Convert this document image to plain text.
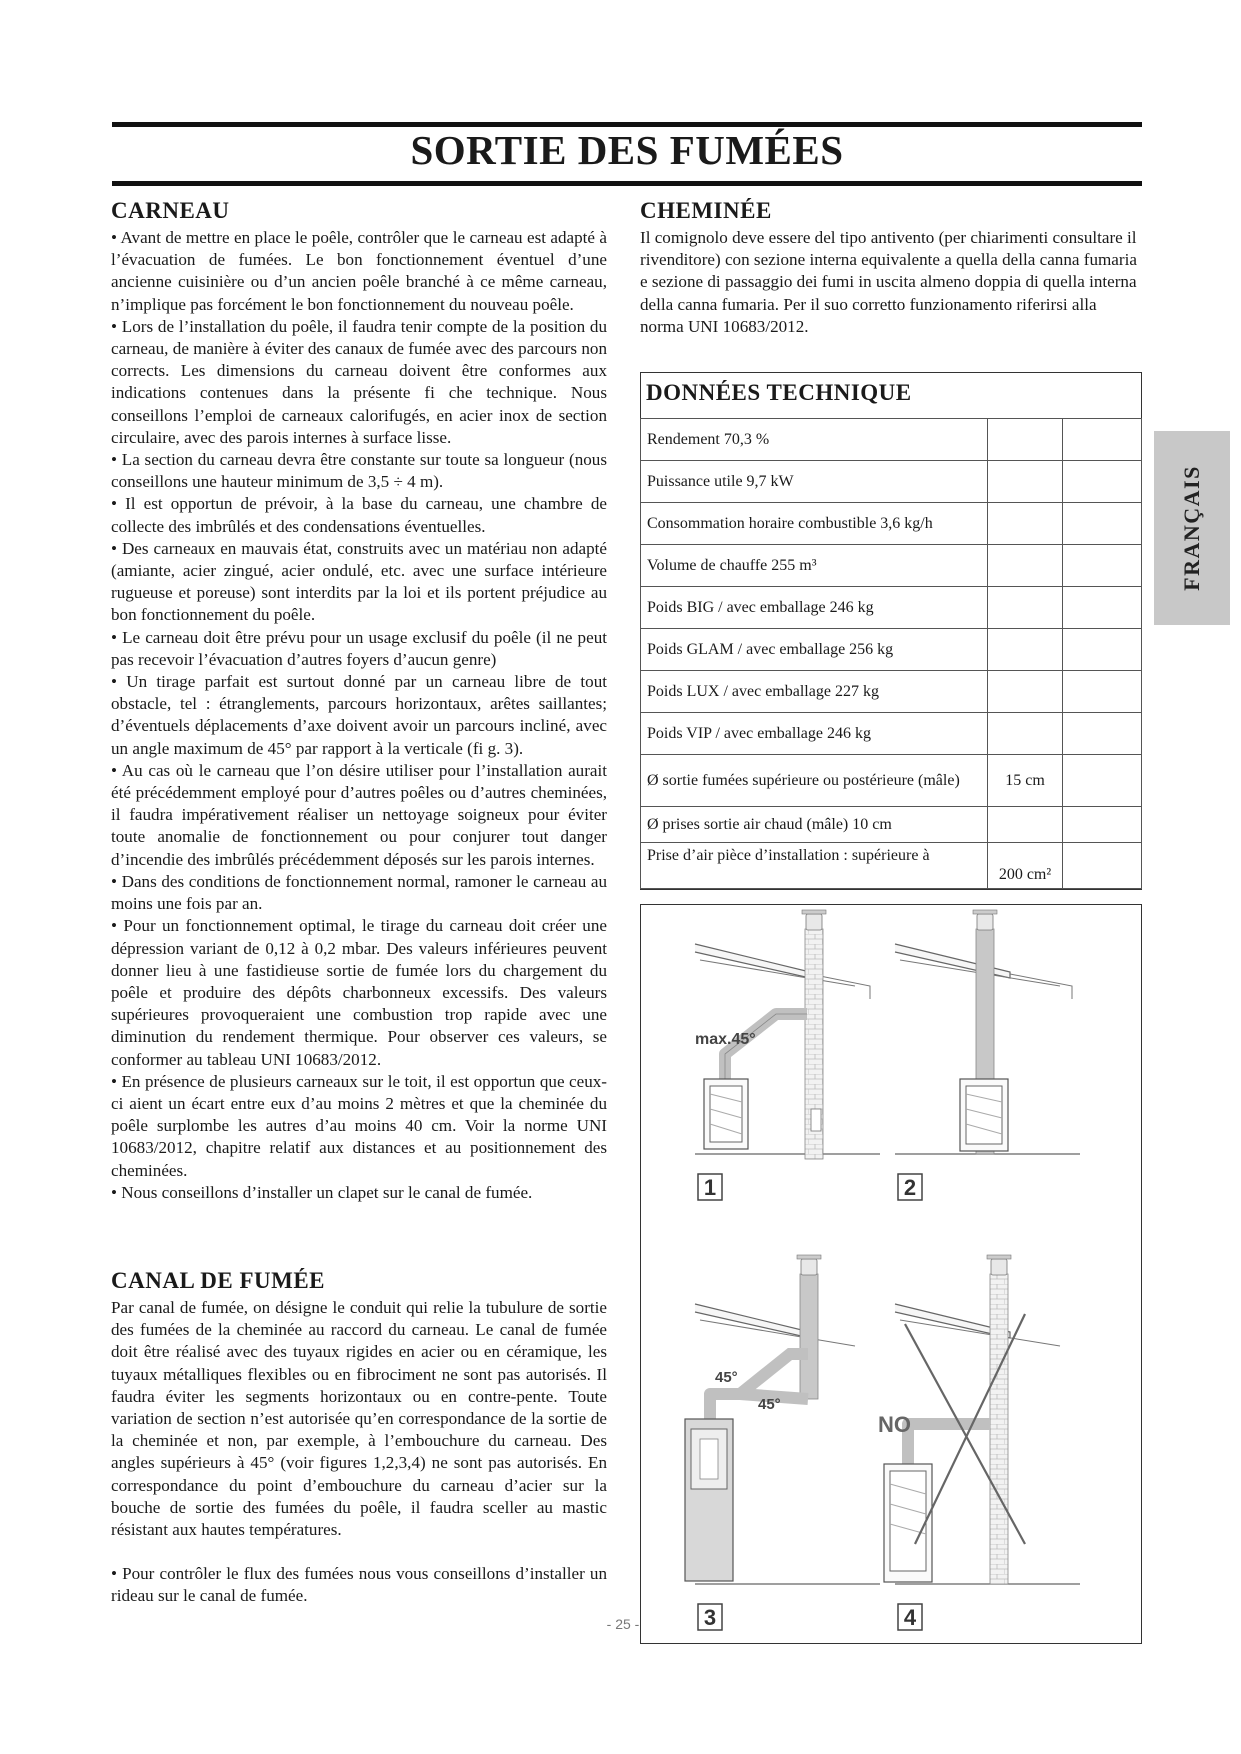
SORTIE DES FUMÉES
FRANÇAIS
CARNEAU

• Avant de mettre en place le poêle, contrôler que le carneau est adapté à l’évacuation de fumées. Le bon fonctionnement éventuel d’une ancienne cuisinière ou d’un ancien poêle branché à ce même carneau, n’implique pas forcément le bon fonctionnement du nouveau poêle.

• Lors de l’installation du poêle, il faudra tenir compte de la position du carneau, de manière à éviter des canaux de fumée avec des parcours non corrects. Les dimensions du carneau doivent être conformes aux indications contenues dans la présente fi che technique. Nous conseillons l’emploi de carneaux calorifugés, en acier inox de section circulaire, avec des parois internes à surface lisse.

• La section du carneau devra être constante sur toute sa longueur (nous conseillons une hauteur minimum de 3,5 ÷ 4 m).

• Il est opportun de prévoir, à la base du carneau, une chambre de collecte des imbrûlés et des condensations éventuelles.

• Des carneaux en mauvais état, construits avec un matériau non adapté (amiante, acier zingué, acier ondulé, etc. avec une surface intérieure rugueuse et poreuse) sont interdits par la loi et ils portent préjudice au bon fonctionnement du poêle.

• Le carneau doit être prévu pour un usage exclusif du poêle (il ne peut pas recevoir l’évacuation d’autres foyers d’aucun genre)

• Un tirage parfait est surtout donné par un carneau libre de tout obstacle, tel : étranglements, parcours horizontaux, arêtes saillantes; d’éventuels déplacements d’axe doivent avoir un parcours incliné, avec un angle maximum de 45° par rapport à la verticale (fi g. 3).

• Au cas où le carneau que l’on désire utiliser pour l’installation aurait été précédemment employé pour d’autres poêles ou d’autres cheminées, il faudra impérativement réaliser un nettoyage soigneux pour éviter toute anomalie de fonctionnement ou pour conjurer tout danger d’incendie des imbrûlés précédemment déposés sur les parois internes.

• Dans des conditions de fonctionnement normal, ramoner le carneau au moins une fois par an.

• Pour un fonctionnement optimal, le tirage du carneau doit créer une dépression variant de 0,12 à 0,2 mbar. Des valeurs inférieures peuvent donner lieu à une fastidieuse sortie de fumée lors du chargement du poêle et produire des dépôts charbonneux excessifs. Des valeurs supérieures provoqueraient une combustion trop rapide avec une diminution du rendement thermique. Pour observer ces valeurs, se conformer au tableau UNI 10683/2012.

• En présence de plusieurs carneaux sur le toit, il est opportun que ceux-ci aient un écart entre eux d’au moins 2 mètres et que la cheminée du poêle surplombe les autres d’au moins 40 cm. Voir la norme UNI 10683/2012, chapitre relatif aux distances et au positionnement des cheminées.

• Nous conseillons d’installer un clapet sur le canal de fumée.

CANAL DE FUMÉE

Par canal de fumée, on désigne le conduit qui relie la tubulure de sortie des fumées de la cheminée au raccord du carneau. Le canal de fumée doit être réalisé avec des tuyaux rigides en acier ou en céramique, les tuyaux métalliques flexibles ou en fibrociment ne sont pas autorisés. Il faudra éviter les segments horizontaux ou en contre-pente. Toute variation de section n’est autorisée qu’en correspondance de la sortie de la cheminée et non, par exemple, à l’embouchure du carneau. Des angles supérieurs à 45° (voir figures 1,2,3,4) ne sont pas autorisés. En correspondance du point d’embouchure du carneau d’acier sur la bouche de sortie des fumées du poêle, il faudra sceller au mastic résistant aux hautes températures.

• Pour contrôler le flux des fumées nous vous conseillons d’installer un rideau sur le canal de fumée.

CHEMINÉE
Il comignolo deve essere del tipo antivento (per chiarimenti consultare il rivenditore) con sezione interna equivalente a quella della canna fumaria e sezione di passaggio dei fumi in uscita almeno doppia di quella interna della canna fumaria. Per il suo corretto funzionamento riferirsi alla norma UNI 10683/2012.
DONNÉES TECHNIQUE
Rendement 70,3 %		
Puissance utile 9,7 kW		
Consommation horaire combustible 3,6 kg/h		
Volume de chauffe 255 m³		
Poids BIG / avec emballage 246 kg		
Poids GLAM / avec emballage 256 kg		
Poids LUX / avec emballage 227 kg		
Poids VIP / avec emballage 246 kg		
Ø sortie fumées supérieure ou postérieure (mâle)	15 cm	
Ø prises sortie air chaud (mâle) 10 cm		
Prise d’air pièce d’installation : supérieure à	200 cm²	
max.45°
1	2
45°
45°
3
NO
4
- 25 -
